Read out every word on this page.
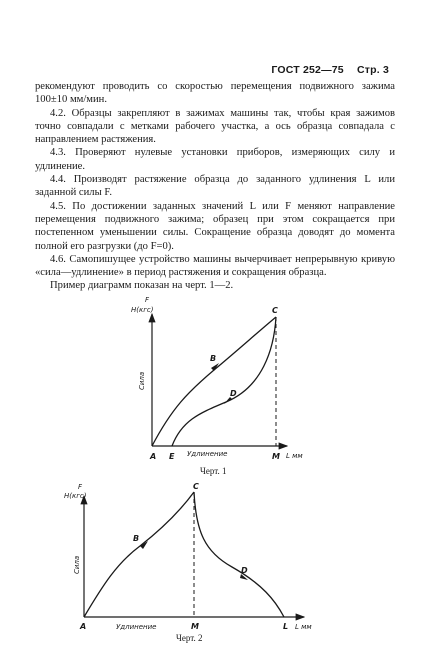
ГОСТ 252—75 Стр. 3

рекомендуют проводить со скоростью перемещения подвижного зажима 100±10 мм/мин.

4.2. Образцы закрепляют в зажимах машины так, чтобы края зажимов точно совпадали с метками рабочего участка, а ось образца совпадала с направлением растяжения.

4.3. Проверяют нулевые установки приборов, измеряющих силу и удлинение.

4.4. Производят растяжение образца до заданного удлинения L или заданной силы F.

4.5. По достижении заданных значений L или F меняют направление перемещения подвижного зажима; образец при этом сокращается при постепенном уменьшении силы. Сокращение образца доводят до момента полной его разгрузки (до F=0).

4.6. Самопишущее устройство машины вычерчивает непрерывную кривую «сила—удлинение» в период растяжения и сокращения образца.

Пример диаграмм показан на черт. 1—2.

F
Н(кгс)
Сила
A
B
C
D
E	M
Удлинение	L мм
Черт. 1
F
Н(кгс)
Сила
A
B
C
D
M	L
Удлинение	L мм
Черт. 2
